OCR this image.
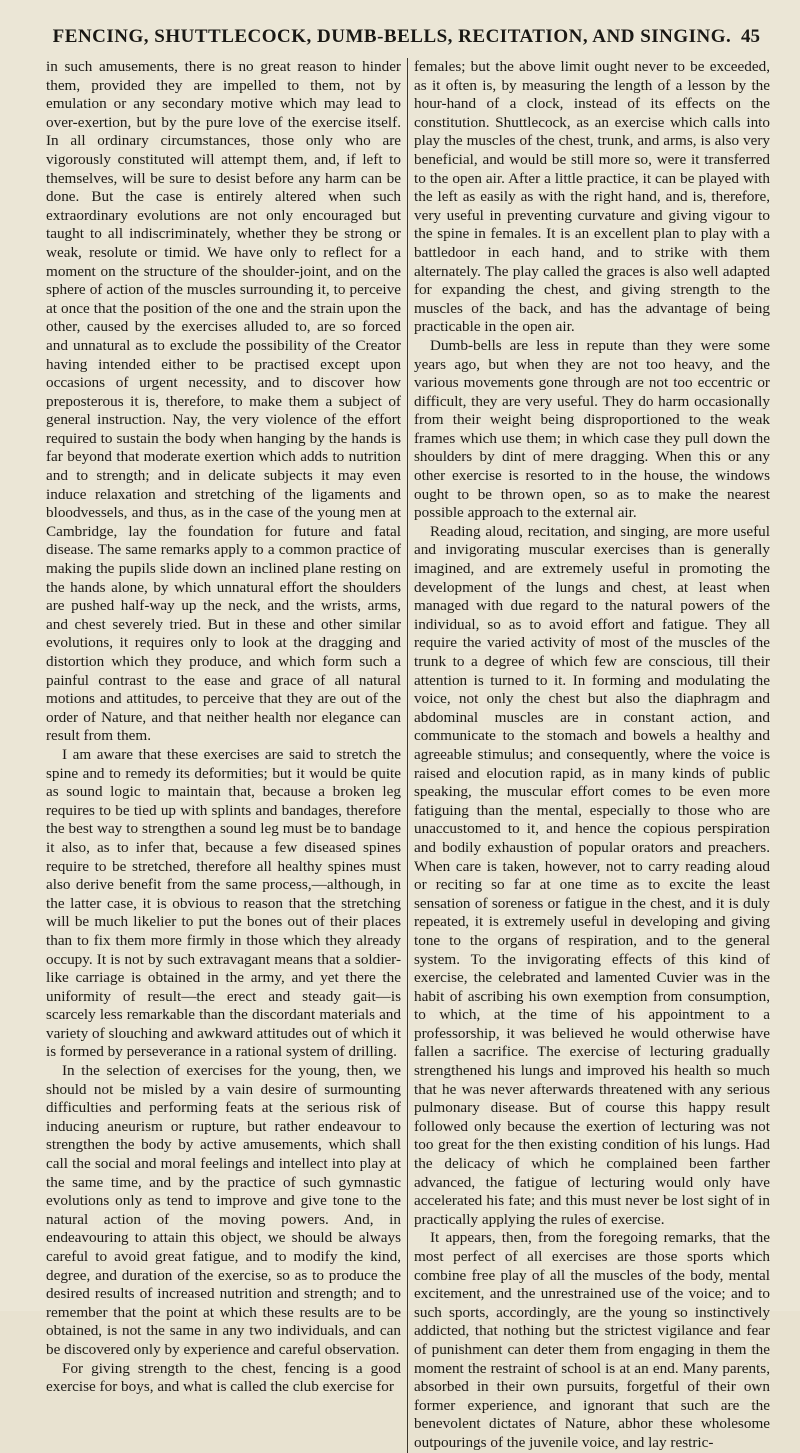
FENCING, SHUTTLECOCK, DUMB-BELLS, RECITATION, AND SINGING. 45

in such amusements, there is no great reason to hinder them, provided they are impelled to them, not by emulation or any secondary motive which may lead to over-exertion, but by the pure love of the exercise itself. In all ordinary circumstances, those only who are vigorously constituted will attempt them, and, if left to themselves, will be sure to desist before any harm can be done. But the case is entirely altered when such extraordinary evolutions are not only encouraged but taught to all indiscriminately, whether they be strong or weak, resolute or timid. We have only to reflect for a moment on the structure of the shoulder-joint, and on the sphere of action of the muscles surrounding it, to perceive at once that the position of the one and the strain upon the other, caused by the exercises alluded to, are so forced and unnatural as to exclude the possibility of the Creator having intended either to be practised except upon occasions of urgent necessity, and to discover how preposterous it is, therefore, to make them a subject of general instruction. Nay, the very violence of the effort required to sustain the body when hanging by the hands is far beyond that moderate exertion which adds to nutrition and to strength; and in delicate subjects it may even induce relaxation and stretching of the ligaments and bloodvessels, and thus, as in the case of the young men at Cambridge, lay the foundation for future and fatal disease. The same remarks apply to a common practice of making the pupils slide down an inclined plane resting on the hands alone, by which unnatural effort the shoulders are pushed half-way up the neck, and the wrists, arms, and chest severely tried. But in these and other similar evolutions, it requires only to look at the dragging and distortion which they produce, and which form such a painful contrast to the ease and grace of all natural motions and attitudes, to perceive that they are out of the order of Nature, and that neither health nor elegance can result from them.

I am aware that these exercises are said to stretch the spine and to remedy its deformities; but it would be quite as sound logic to maintain that, because a broken leg requires to be tied up with splints and bandages, therefore the best way to strengthen a sound leg must be to bandage it also, as to infer that, because a few diseased spines require to be stretched, therefore all healthy spines must also derive benefit from the same process,—although, in the latter case, it is obvious to reason that the stretching will be much likelier to put the bones out of their places than to fix them more firmly in those which they already occupy. It is not by such extravagant means that a soldier-like carriage is obtained in the army, and yet there the uniformity of result—the erect and steady gait—is scarcely less remarkable than the discordant materials and variety of slouching and awkward attitudes out of which it is formed by perseverance in a rational system of drilling.

In the selection of exercises for the young, then, we should not be misled by a vain desire of surmounting difficulties and performing feats at the serious risk of inducing aneurism or rupture, but rather endeavour to strengthen the body by active amusements, which shall call the social and moral feelings and intellect into play at the same time, and by the practice of such gymnastic evolutions only as tend to improve and give tone to the natural action of the moving powers. And, in endeavouring to attain this object, we should be always careful to avoid great fatigue, and to modify the kind, degree, and duration of the exercise, so as to produce the desired results of increased nutrition and strength; and to remember that the point at which these results are to be obtained, is not the same in any two individuals, and can be discovered only by experience and careful observation.

For giving strength to the chest, fencing is a good exercise for boys, and what is called the club exercise for

females; but the above limit ought never to be exceeded, as it often is, by measuring the length of a lesson by the hour-hand of a clock, instead of its effects on the constitution. Shuttlecock, as an exercise which calls into play the muscles of the chest, trunk, and arms, is also very beneficial, and would be still more so, were it transferred to the open air. After a little practice, it can be played with the left as easily as with the right hand, and is, therefore, very useful in preventing curvature and giving vigour to the spine in females. It is an excellent plan to play with a battledoor in each hand, and to strike with them alternately. The play called the graces is also well adapted for expanding the chest, and giving strength to the muscles of the back, and has the advantage of being practicable in the open air.

Dumb-bells are less in repute than they were some years ago, but when they are not too heavy, and the various movements gone through are not too eccentric or difficult, they are very useful. They do harm occasionally from their weight being disproportioned to the weak frames which use them; in which case they pull down the shoulders by dint of mere dragging. When this or any other exercise is resorted to in the house, the windows ought to be thrown open, so as to make the nearest possible approach to the external air.

Reading aloud, recitation, and singing, are more useful and invigorating muscular exercises than is generally imagined, and are extremely useful in promoting the development of the lungs and chest, at least when managed with due regard to the natural powers of the individual, so as to avoid effort and fatigue. They all require the varied activity of most of the muscles of the trunk to a degree of which few are conscious, till their attention is turned to it. In forming and modulating the voice, not only the chest but also the diaphragm and abdominal muscles are in constant action, and communicate to the stomach and bowels a healthy and agreeable stimulus; and consequently, where the voice is raised and elocution rapid, as in many kinds of public speaking, the muscular effort comes to be even more fatiguing than the mental, especially to those who are unaccustomed to it, and hence the copious perspiration and bodily exhaustion of popular orators and preachers. When care is taken, however, not to carry reading aloud or reciting so far at one time as to excite the least sensation of soreness or fatigue in the chest, and it is duly repeated, it is extremely useful in developing and giving tone to the organs of respiration, and to the general system. To the invigorating effects of this kind of exercise, the celebrated and lamented Cuvier was in the habit of ascribing his own exemption from consumption, to which, at the time of his appointment to a professorship, it was believed he would otherwise have fallen a sacrifice. The exercise of lecturing gradually strengthened his lungs and improved his health so much that he was never afterwards threatened with any serious pulmonary disease. But of course this happy result followed only because the exertion of lecturing was not too great for the then existing condition of his lungs. Had the delicacy of which he complained been farther advanced, the fatigue of lecturing would only have accelerated his fate; and this must never be lost sight of in practically applying the rules of exercise.

It appears, then, from the foregoing remarks, that the most perfect of all exercises are those sports which combine free play of all the muscles of the body, mental excitement, and the unrestrained use of the voice; and to such sports, accordingly, are the young so instinctively addicted, that nothing but the strictest vigilance and fear of punishment can deter them from engaging in them the moment the restraint of school is at an end. Many parents, absorbed in their own pursuits, forgetful of their own former experience, and ignorant that such are the benevolent dictates of Nature, abhor these wholesome outpourings of the juvenile voice, and lay restric-
